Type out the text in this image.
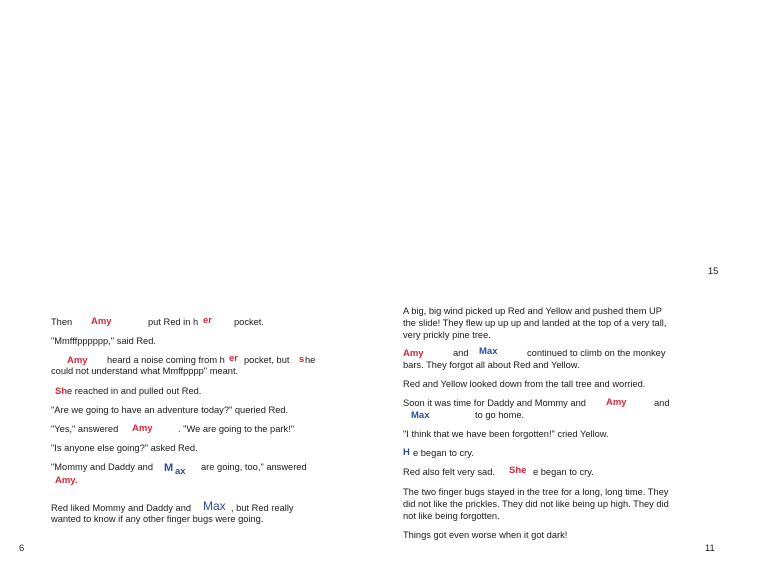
15
6	11
Then Amy	put Red in h er pocket.
"Mmfffpppppp," said Red.
Amy heard a noise coming from h er pocket, but s he
could not understand what Mmffpppp" meant.
Sh e reached in and pulled out Red.
"Are we going to have an adventure today?" queried Red.
"Yes," answered Amy	. "We are going to the park!"
"Is anyone else going?" asked Red.
"Mommy and Daddy and M ax are going, too," answered
Amy.
Red liked Mommy and Daddy and Max , but Red really
wanted to know if any other finger bugs were going.
A big, big wind picked up Red and Yellow and pushed them UP
the slide! They flew up up up and landed at the top of a very tall,
very prickly pine tree.
Amy	and Max	continued to climb on the monkey
bars. They forgot all about Red and Yellow.
Red and Yellow looked down from the tall tree and worried.
Soon it was time for Daddy and Mommy and Amy	and
Max	to go home.
"I think that we have been forgotten!" cried Yellow.
H e began to cry.
Red also felt very sad. She e began to cry.
The two finger bugs stayed in the tree for a long, long time. They
did not like the prickles. They did not like being up high. They did
not like being forgotten.
Things got even worse when it got dark!
